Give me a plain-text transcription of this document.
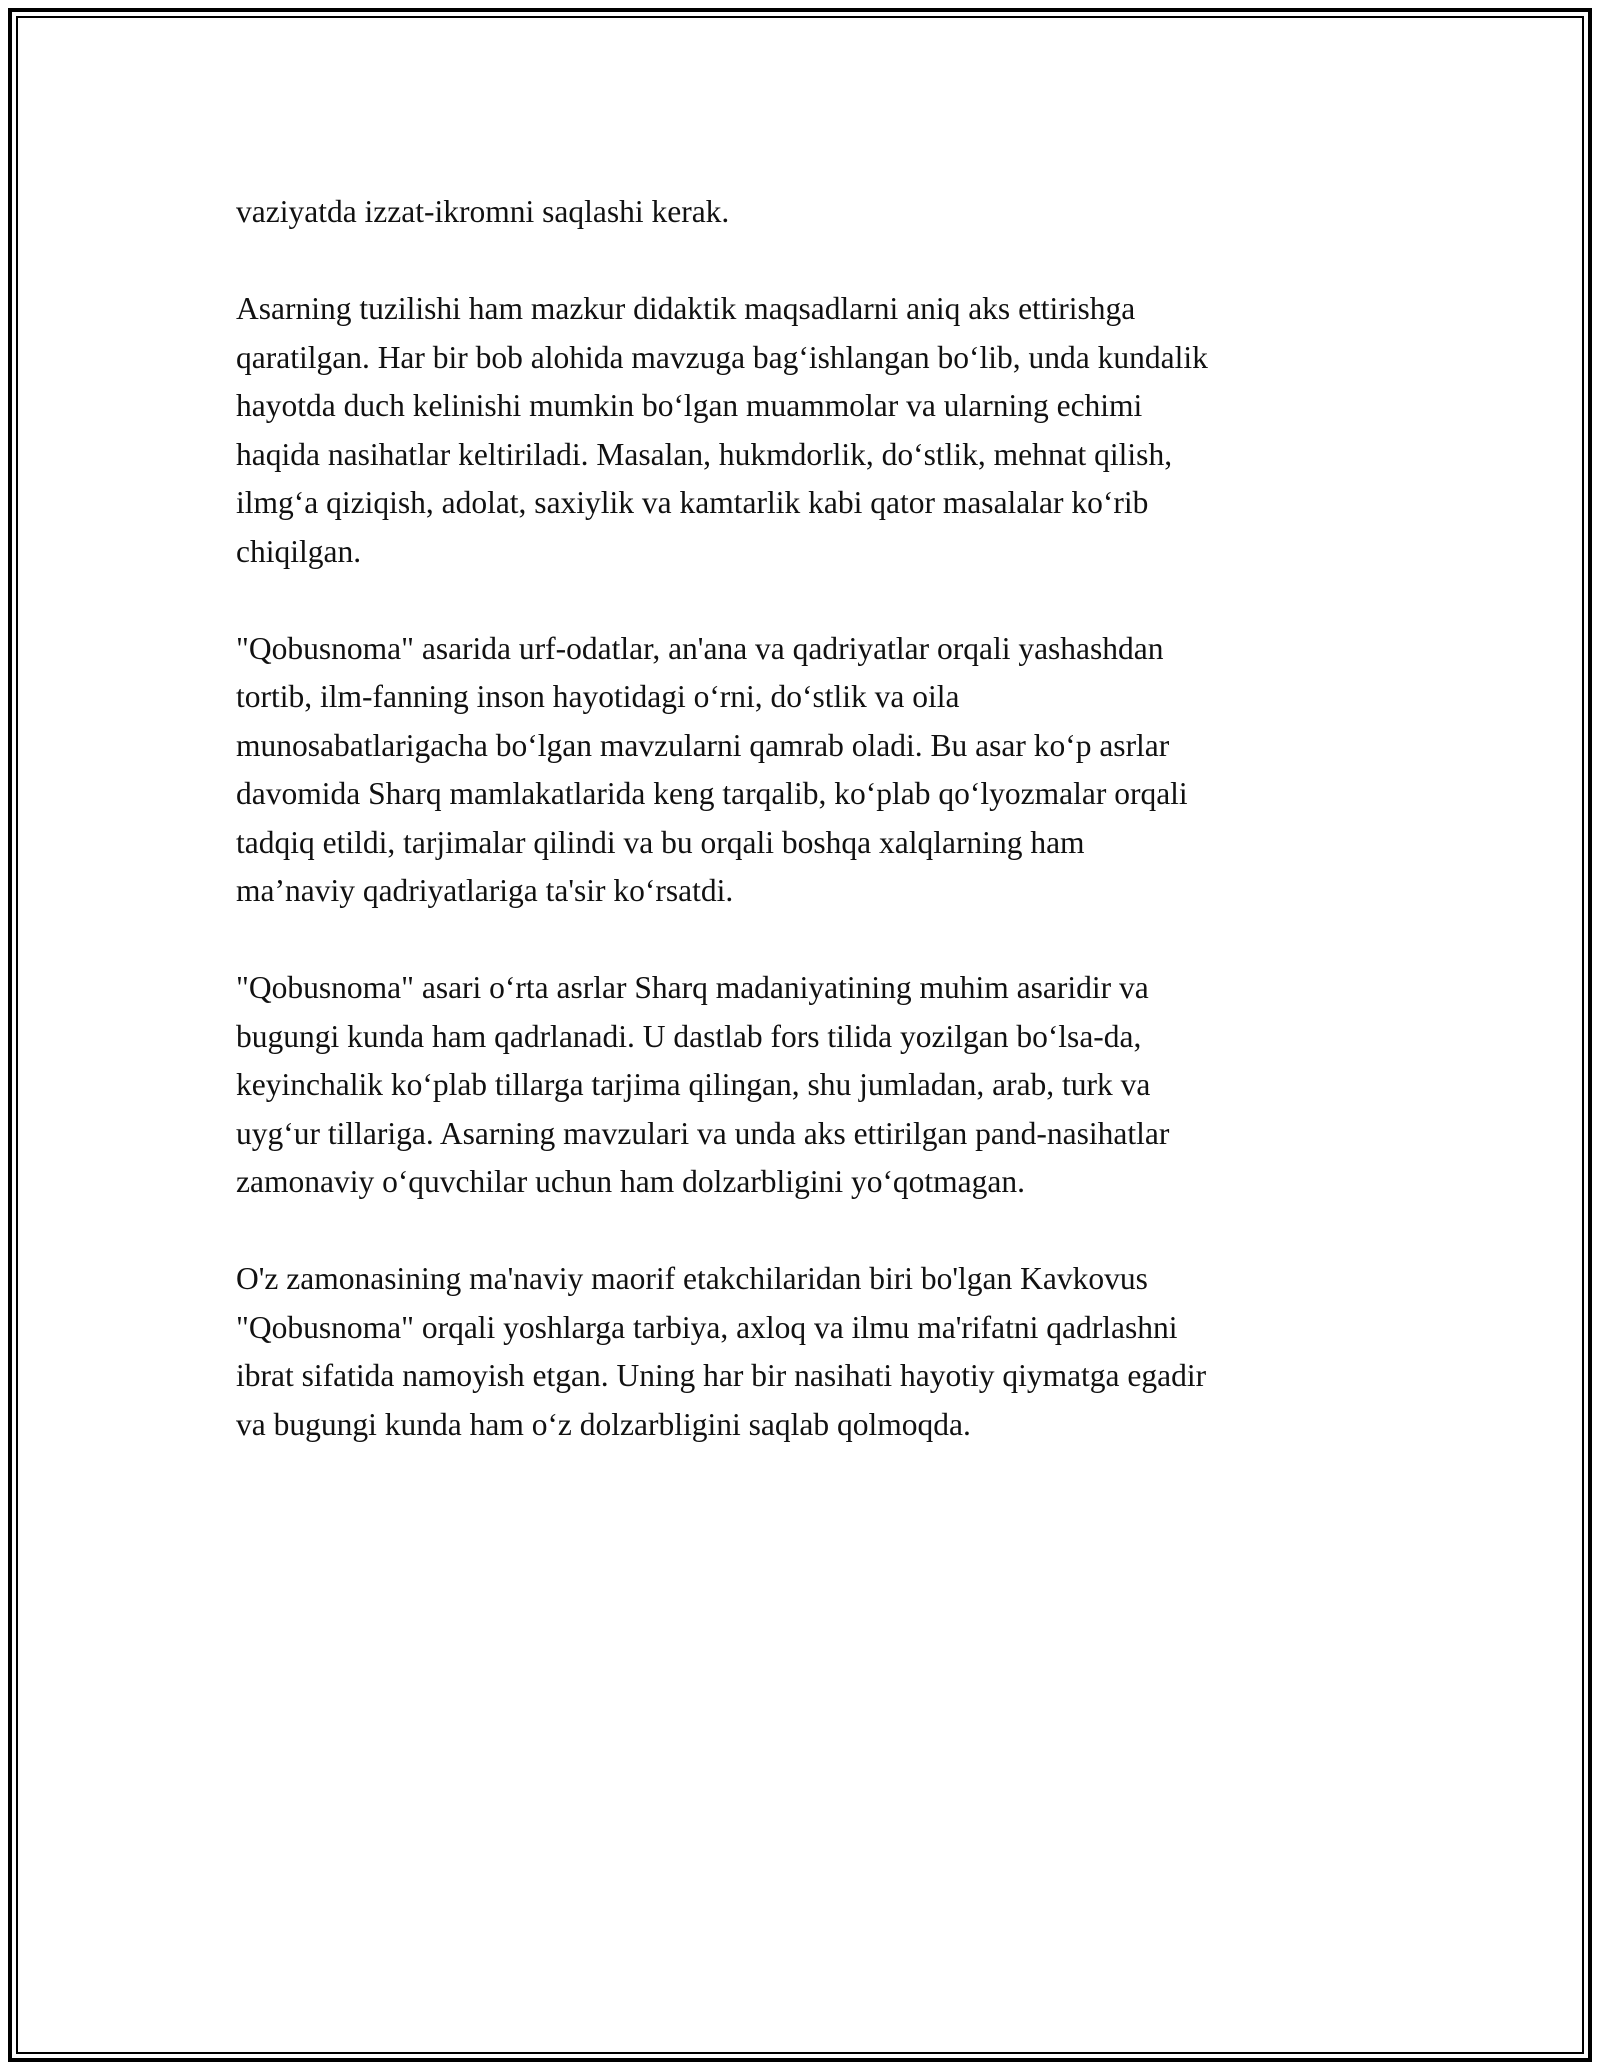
vaziyatda izzat-ikromni saqlashi kerak.

Asarning tuzilishi ham mazkur didaktik maqsadlarni aniq aks ettirishga

qaratilgan. Har bir bob alohida mavzuga bag‘ishlangan bo‘lib, unda kundalik

hayotda duch kelinishi mumkin bo‘lgan muammolar va ularning echimi

haqida nasihatlar keltiriladi. Masalan, hukmdorlik, do‘stlik, mehnat qilish,

ilmg‘a qiziqish, adolat, saxiylik va kamtarlik kabi qator masalalar ko‘rib

chiqilgan.

"Qobusnoma" asarida urf-odatlar, an'ana va qadriyatlar orqali yashashdan

tortib, ilm-fanning inson hayotidagi o‘rni, do‘stlik va oila

munosabatlarigacha bo‘lgan mavzularni qamrab oladi. Bu asar ko‘p asrlar

davomida Sharq mamlakatlarida keng tarqalib, ko‘plab qo‘lyozmalar orqali

tadqiq etildi, tarjimalar qilindi va bu orqali boshqa xalqlarning ham

ma’naviy qadriyatlariga ta'sir ko‘rsatdi.

"Qobusnoma" asari o‘rta asrlar Sharq madaniyatining muhim asaridir va

bugungi kunda ham qadrlanadi. U dastlab fors tilida yozilgan bo‘lsa-da,

keyinchalik ko‘plab tillarga tarjima qilingan, shu jumladan, arab, turk va

uyg‘ur tillariga. Asarning mavzulari va unda aks ettirilgan pand-nasihatlar

zamonaviy o‘quvchilar uchun ham dolzarbligini yo‘qotmagan.

O'z zamonasining ma'naviy maorif etakchilaridan biri bo'lgan Kavkovus

"Qobusnoma" orqali yoshlarga tarbiya, axloq va ilmu ma'rifatni qadrlashni

ibrat sifatida namoyish etgan. Uning har bir nasihati hayotiy qiymatga egadir

va bugungi kunda ham o‘z dolzarbligini saqlab qolmoqda.
